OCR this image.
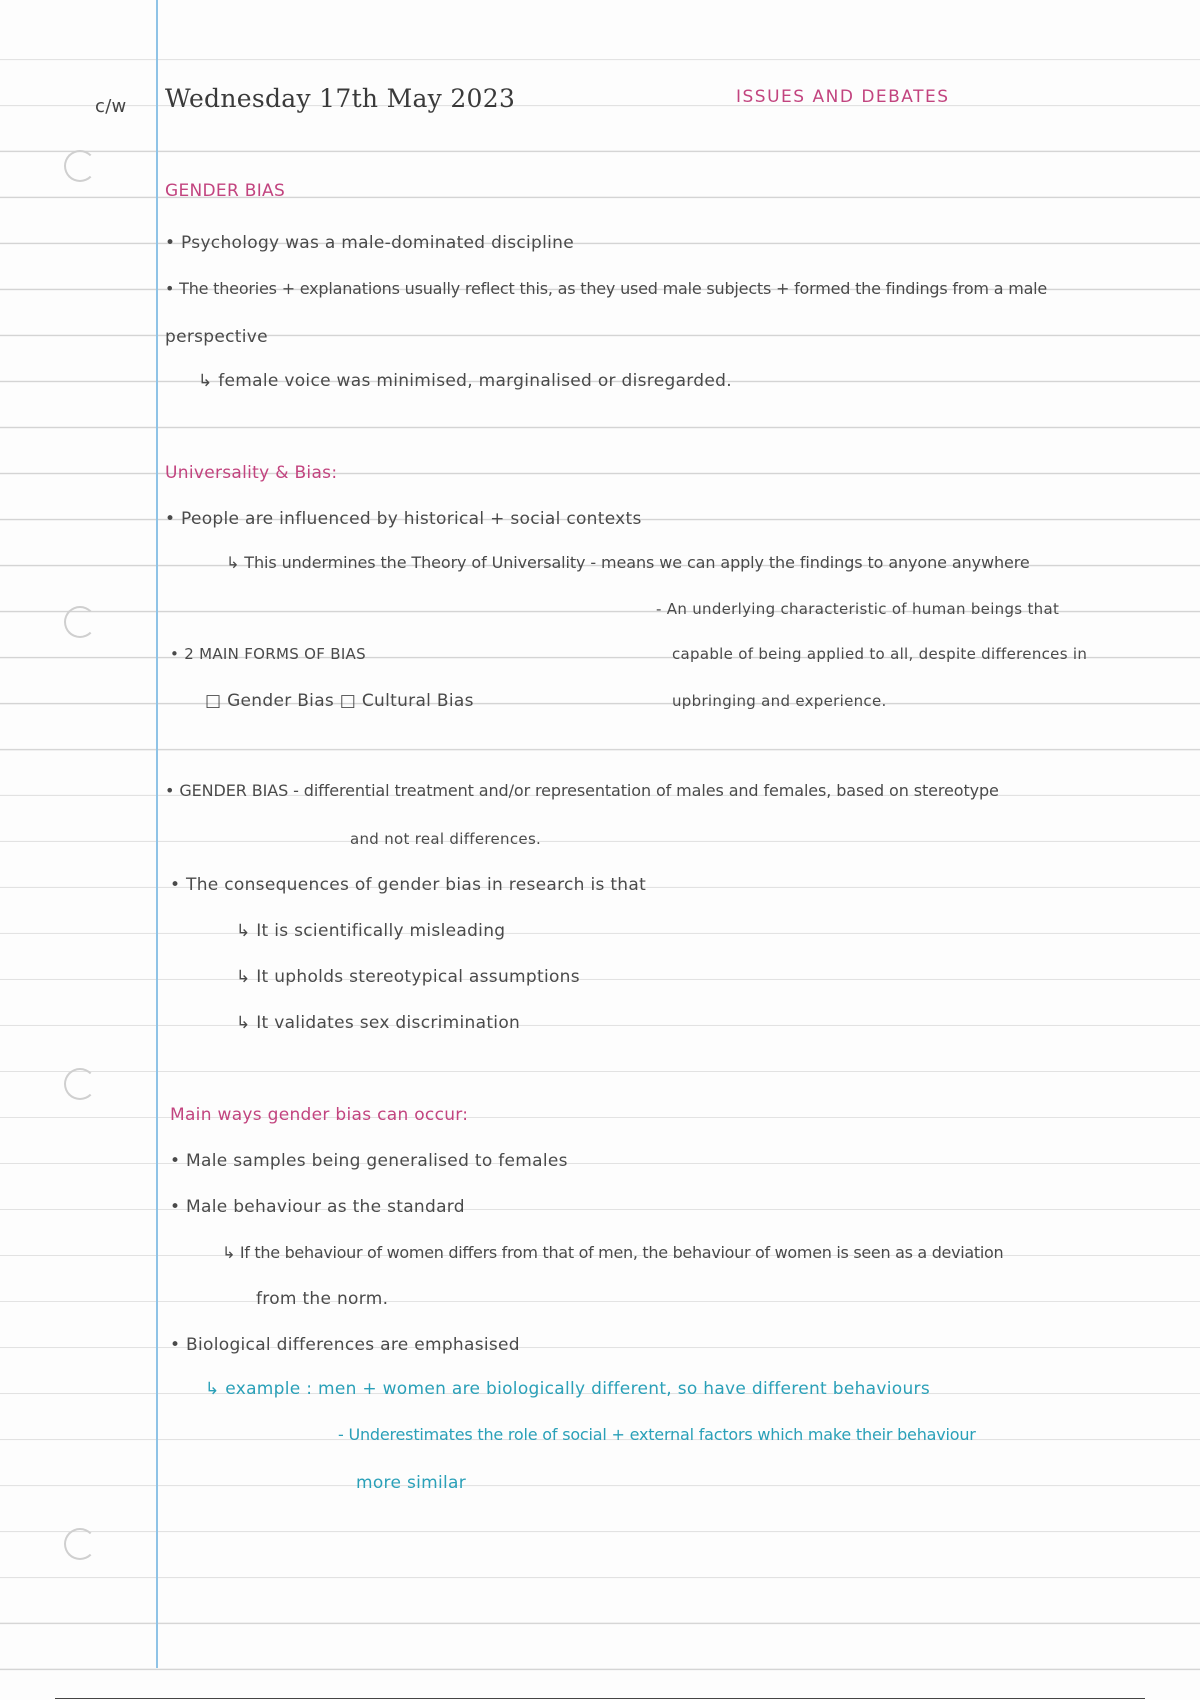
c/w Wednesday 17th May 2023	ISSUES AND DEBATES
GENDER BIAS
• Psychology was a male-dominated discipline
• The theories + explanations usually reflect this, as they used male subjects + formed the findings from a male
perspective
↳ female voice was minimised, marginalised or disregarded.
Universality & Bias:
• People are influenced by historical + social contexts
↳ This undermines the Theory of Universality - means we can apply the findings to anyone anywhere
- An underlying characteristic of human beings that
capable of being applied to all, despite differences in
upbringing and experience.
• 2 MAIN FORMS OF BIAS
□ Gender Bias □ Cultural Bias
• GENDER BIAS - differential treatment and/or representation of males and females, based on stereotype
and not real differences.
• The consequences of gender bias in research is that
↳ It is scientifically misleading
↳ It upholds stereotypical assumptions
↳ It validates sex discrimination
Main ways gender bias can occur:
• Male samples being generalised to females
• Male behaviour as the standard
↳ If the behaviour of women differs from that of men, the behaviour of women is seen as a deviation
from the norm.
• Biological differences are emphasised
↳ example : men + women are biologically different, so have different behaviours
- Underestimates the role of social + external factors which make their behaviour
more similar
